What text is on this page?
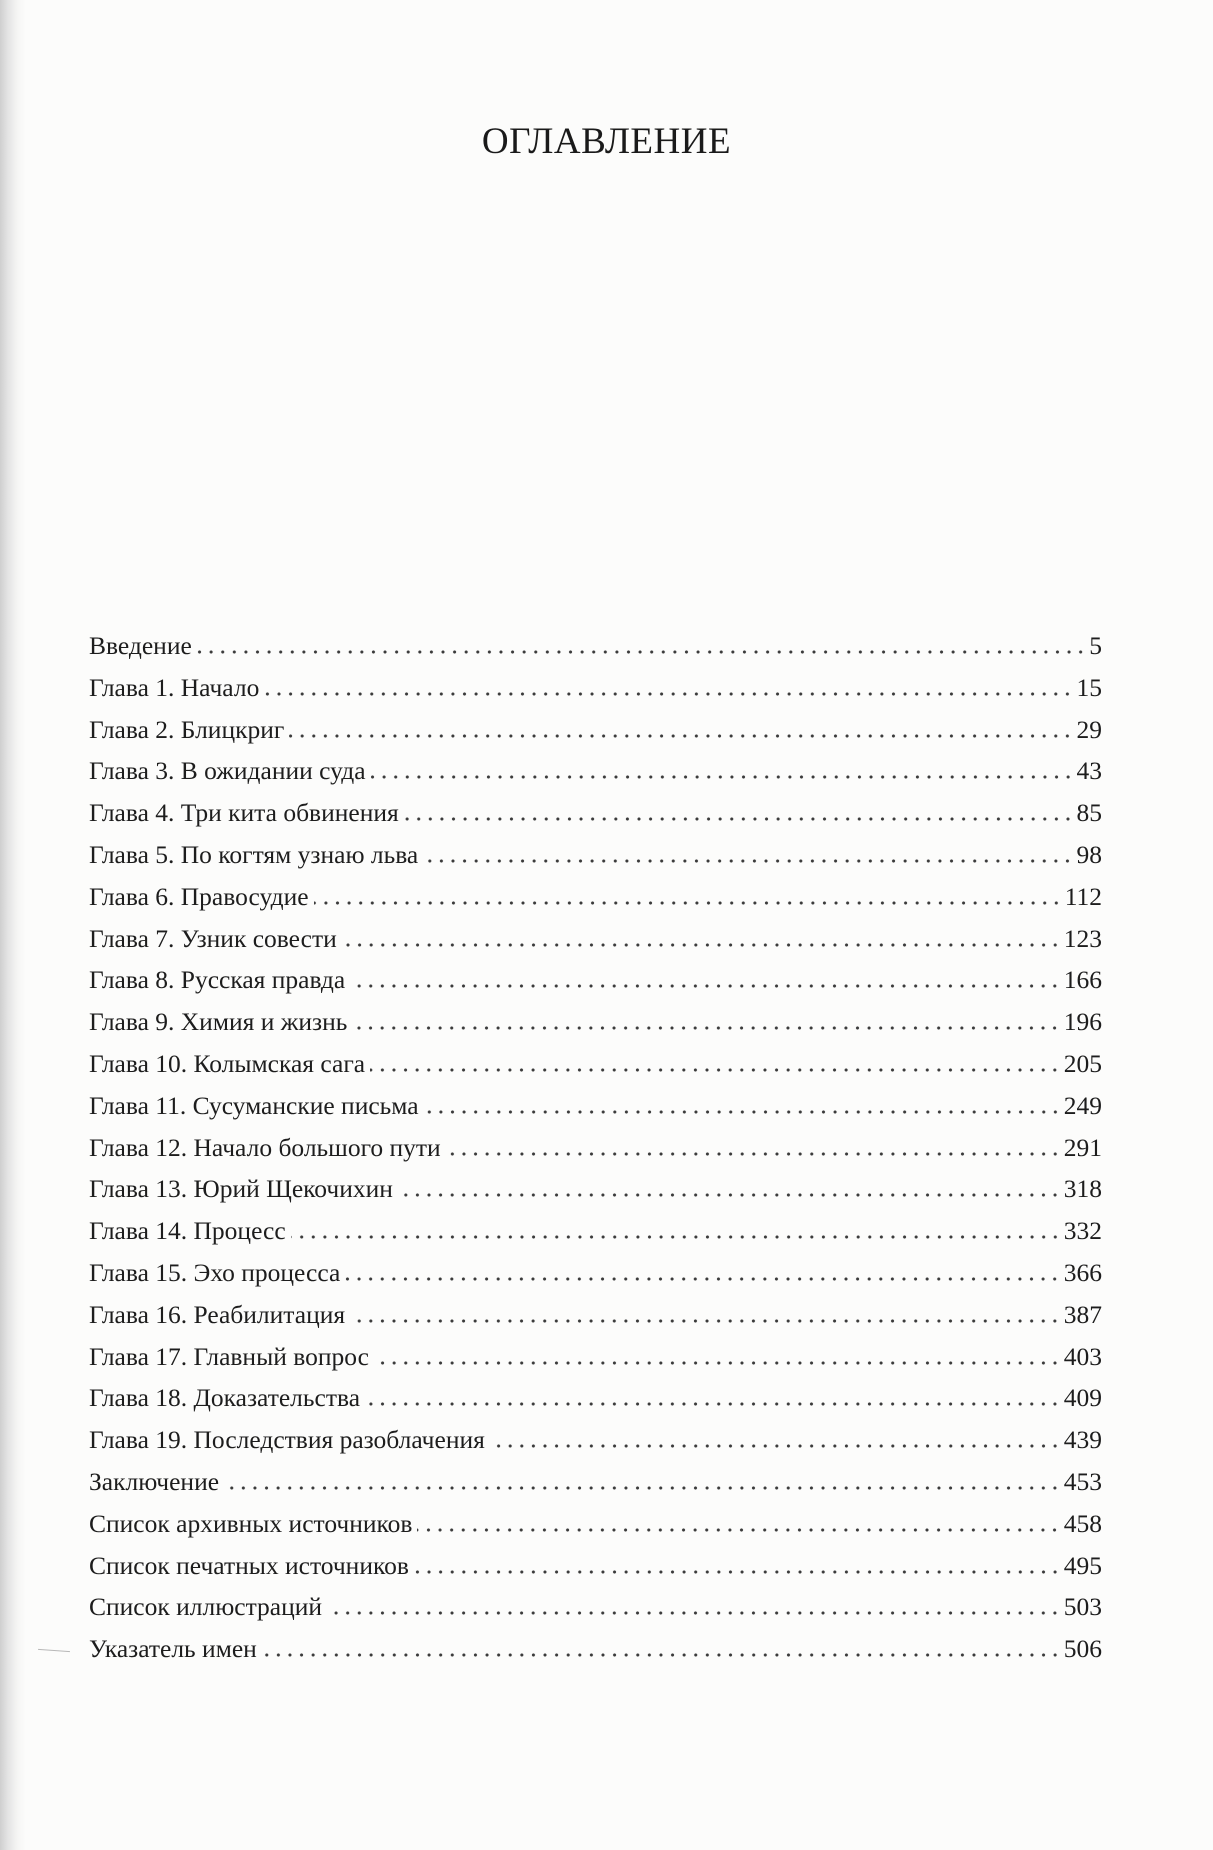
ОГЛАВЛЕНИЕ
Введение	5
Глава 1. Начало	15
Глава 2. Блицкриг	29
Глава 3. В ожидании суда	43
Глава 4. Три кита обвинения	85
Глава 5. По когтям узнаю льва	98
Глава 6. Правосудие	112
Глава 7. Узник совести	123
Глава 8. Русская правда	166
Глава 9. Химия и жизнь	196
Глава 10. Колымская сага	205
Глава 11. Сусуманские письма	249
Глава 12. Начало большого пути	291
Глава 13. Юрий Щекочихин	318
Глава 14. Процесс	332
Глава 15. Эхо процесса	366
Глава 16. Реабилитация	387
Глава 17. Главный вопрос	403
Глава 18. Доказательства	409
Глава 19. Последствия разоблачения	439
Заключение	453
Список архивных источников	458
Список печатных источников	495
Список иллюстраций	503
Указатель имен	506
